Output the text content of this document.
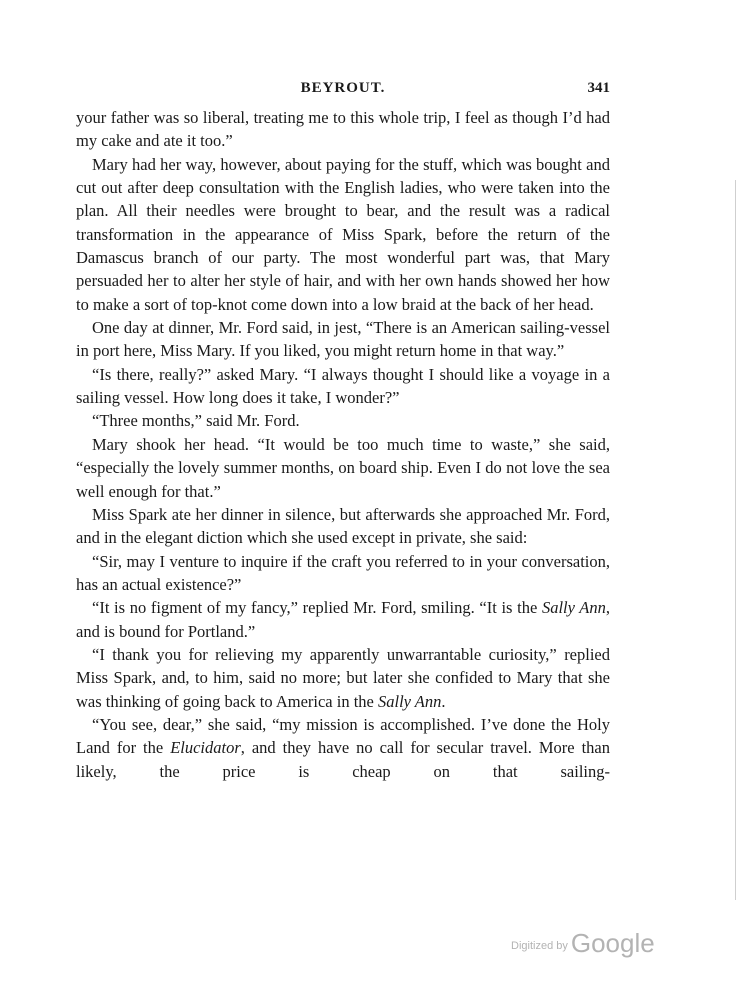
BEYROUT.	341

your father was so liberal, treating me to this whole trip, I feel as though I’d had my cake and ate it too.”

Mary had her way, however, about paying for the stuff, which was bought and cut out after deep consultation with the English ladies, who were taken into the plan. All their needles were brought to bear, and the result was a radical transformation in the appearance of Miss Spark, before the return of the Damascus branch of our party. The most wonderful part was, that Mary persuaded her to alter her style of hair, and with her own hands showed her how to make a sort of top-knot come down into a low braid at the back of her head.

One day at dinner, Mr. Ford said, in jest, “There is an American sailing-vessel in port here, Miss Mary. If you liked, you might return home in that way.”

“Is there, really?” asked Mary. “I always thought I should like a voyage in a sailing vessel. How long does it take, I wonder?”

“Three months,” said Mr. Ford.

Mary shook her head. “It would be too much time to waste,” she said, “especially the lovely summer months, on board ship. Even I do not love the sea well enough for that.”

Miss Spark ate her dinner in silence, but afterwards she approached Mr. Ford, and in the elegant diction which she used except in private, she said:

“Sir, may I venture to inquire if the craft you referred to in your conversation, has an actual existence?”

“It is no figment of my fancy,” replied Mr. Ford, smiling. “It is the Sally Ann, and is bound for Portland.”

“I thank you for relieving my apparently unwarrantable curiosity,” replied Miss Spark, and, to him, said no more; but later she confided to Mary that she was thinking of going back to America in the Sally Ann.

“You see, dear,” she said, “my mission is accomplished. I’ve done the Holy Land for the Elucidator, and they have no call for secular travel. More than likely, the price is cheap on that sailing-

Digitized by Google
